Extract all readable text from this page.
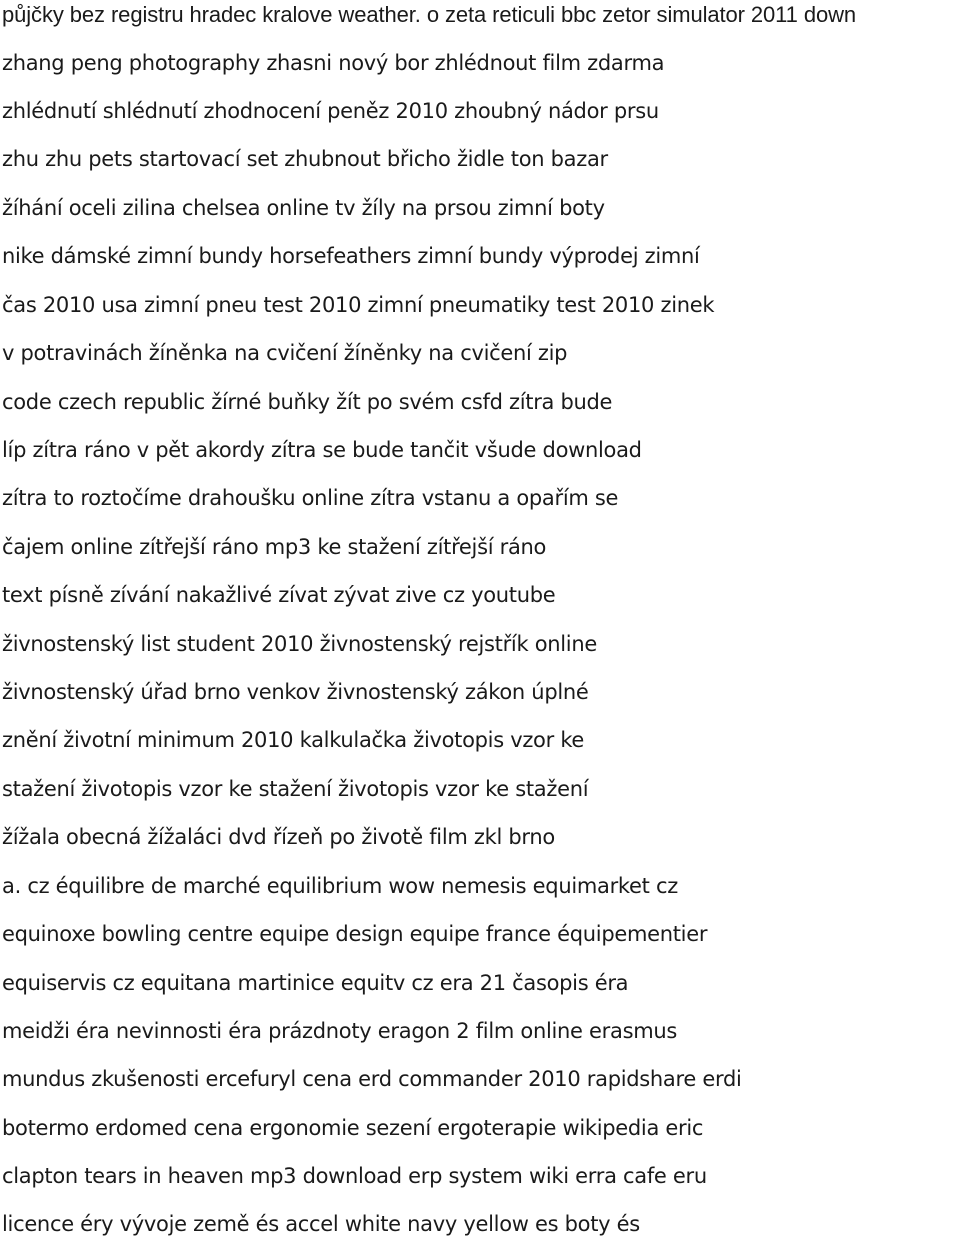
půjčky bez registru hradec kralove weather. o zeta reticuli bbc zetor simulator 2011 down

zhang peng photography zhasni nový bor zhlédnout film zdarma

zhlédnutí shlédnutí zhodnocení peněz 2010 zhoubný nádor prsu

zhu zhu pets startovací set zhubnout břicho židle ton bazar

žíhání oceli zilina chelsea online tv žíly na prsou zimní boty

nike dámské zimní bundy horsefeathers zimní bundy výprodej zimní

čas 2010 usa zimní pneu test 2010 zimní pneumatiky test 2010 zinek

v potravinách žíněnka na cvičení žíněnky na cvičení zip

code czech republic žírné buňky žít po svém csfd zítra bude

líp zítra ráno v pět akordy zítra se bude tančit všude download

zítra to roztočíme drahoušku online zítra vstanu a opařím se

čajem online zítřejší ráno mp3 ke stažení zítřejší ráno

text písně zívání nakažlivé zívat zývat zive cz youtube

živnostenský list student 2010 živnostenský rejstřík online

živnostenský úřad brno venkov živnostenský zákon úplné

znění životní minimum 2010 kalkulačka životopis vzor ke

stažení životopis vzor ke stažení životopis vzor ke stažení

žížala obecná žížaláci dvd řízeň po životě film zkl brno

a. cz équilibre de marché equilibrium wow nemesis equimarket cz

equinoxe bowling centre equipe design equipe france équipementier

equiservis cz equitana martinice equitv cz era 21 časopis éra

meidži éra nevinnosti éra prázdnoty eragon 2 film online erasmus

mundus zkušenosti ercefuryl cena erd commander 2010 rapidshare erdi

botermo erdomed cena ergonomie sezení ergoterapie wikipedia eric

clapton tears in heaven mp3 download erp system wiki erra cafe eru

licence éry vývoje země és accel white navy yellow es boty és
